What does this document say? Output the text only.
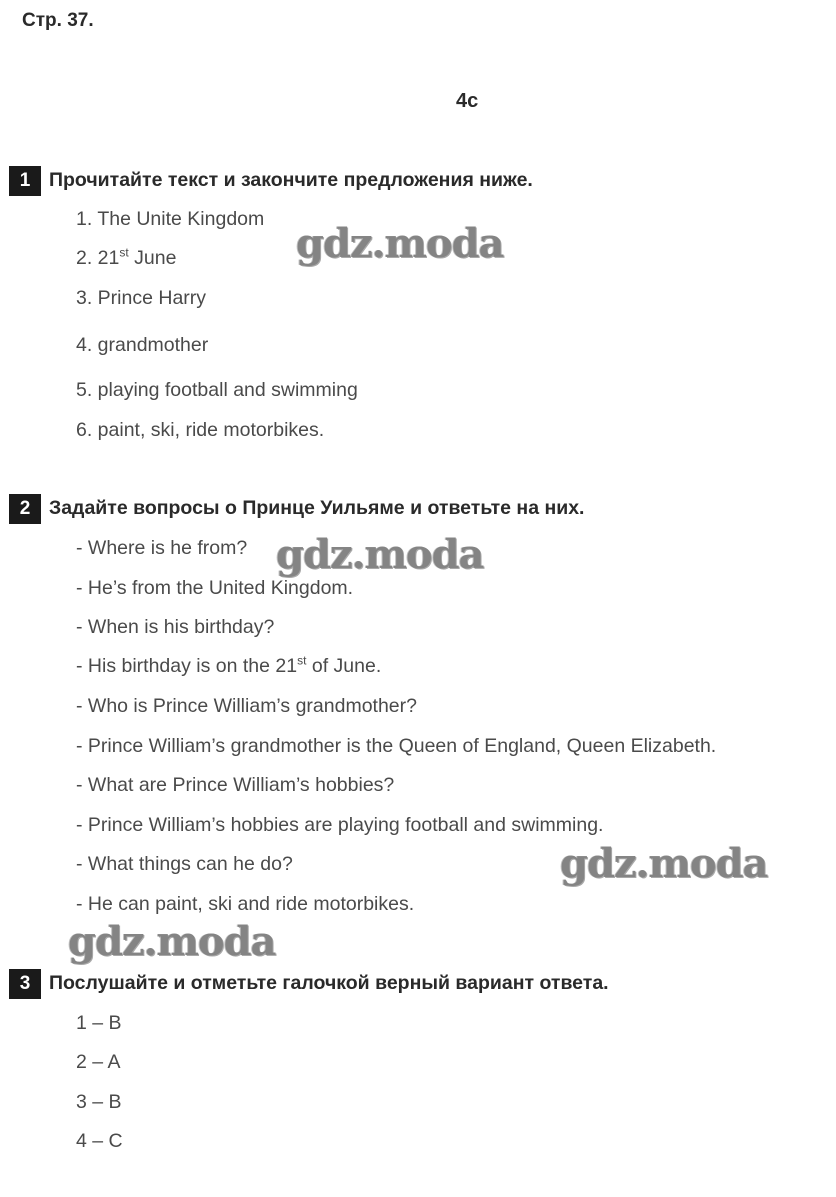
Стр. 37.
4c
1 Прочитайте текст и закончите предложения ниже.
1. The Unite Kingdom
2. 21st June
3. Prince Harry
4. grandmother
5. playing football and swimming
6. paint, ski, ride motorbikes.
2 Задайте вопросы о Принце Уильяме и ответьте на них.
- Where is he from?
- He’s from the United Kingdom.
- When is his birthday?
- His birthday is on the 21st of June.
- Who is Prince William’s grandmother?
- Prince William’s grandmother is the Queen of England, Queen Elizabeth.
- What are Prince William’s hobbies?
- Prince William’s hobbies are playing football and swimming.
- What things can he do?
- He can paint, ski and ride motorbikes.
3 Послушайте и отметьте галочкой верный вариант ответа.
1 – B
2 – A
3 – B
4 – C
gdz.moda
gdz.moda
gdz.moda
gdz.moda
